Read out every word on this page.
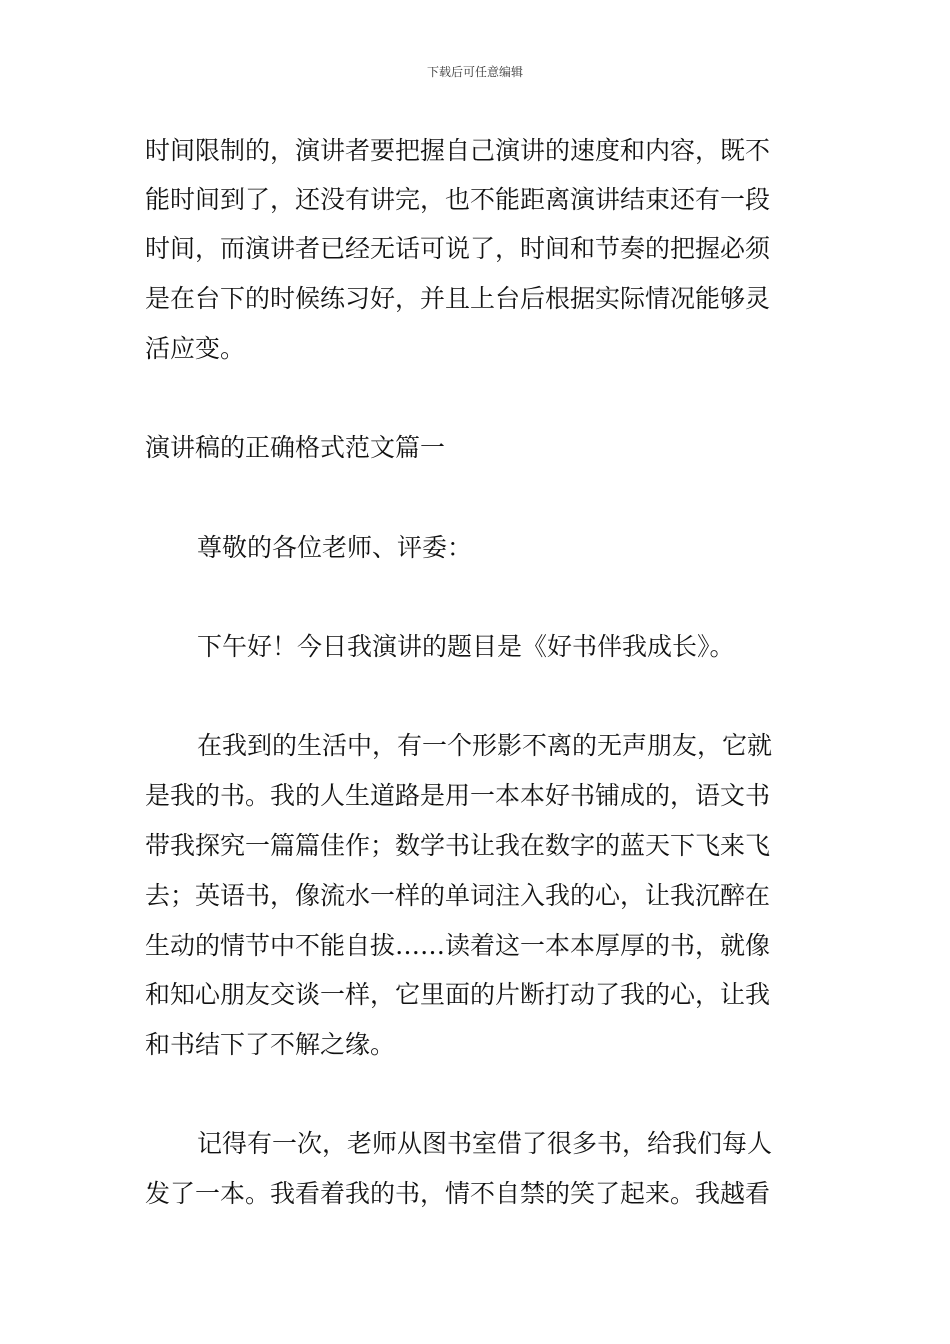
下载后可任意编辑
时间限制的，演讲者要把握自己演讲的速度和内容，既不
能时间到了，还没有讲完，也不能距离演讲结束还有一段
时间，而演讲者已经无话可说了，时间和节奏的把握必须
是在台下的时候练习好，并且上台后根据实际情况能够灵
活应变。
演讲稿的正确格式范文篇一
尊敬的各位老师、评委：
下午好！今日我演讲的题目是《好书伴我成长》。
在我到的生活中，有一个形影不离的无声朋友，它就
是我的书。我的人生道路是用一本本好书铺成的，语文书
带我探究一篇篇佳作；数学书让我在数字的蓝天下飞来飞
去；英语书，像流水一样的单词注入我的心，让我沉醉在
生动的情节中不能自拔……读着这一本本厚厚的书，就像
和知心朋友交谈一样，它里面的片断打动了我的心，让我
和书结下了不解之缘。
记得有一次，老师从图书室借了很多书，给我们每人
发了一本。我看着我的书，情不自禁的笑了起来。我越看
